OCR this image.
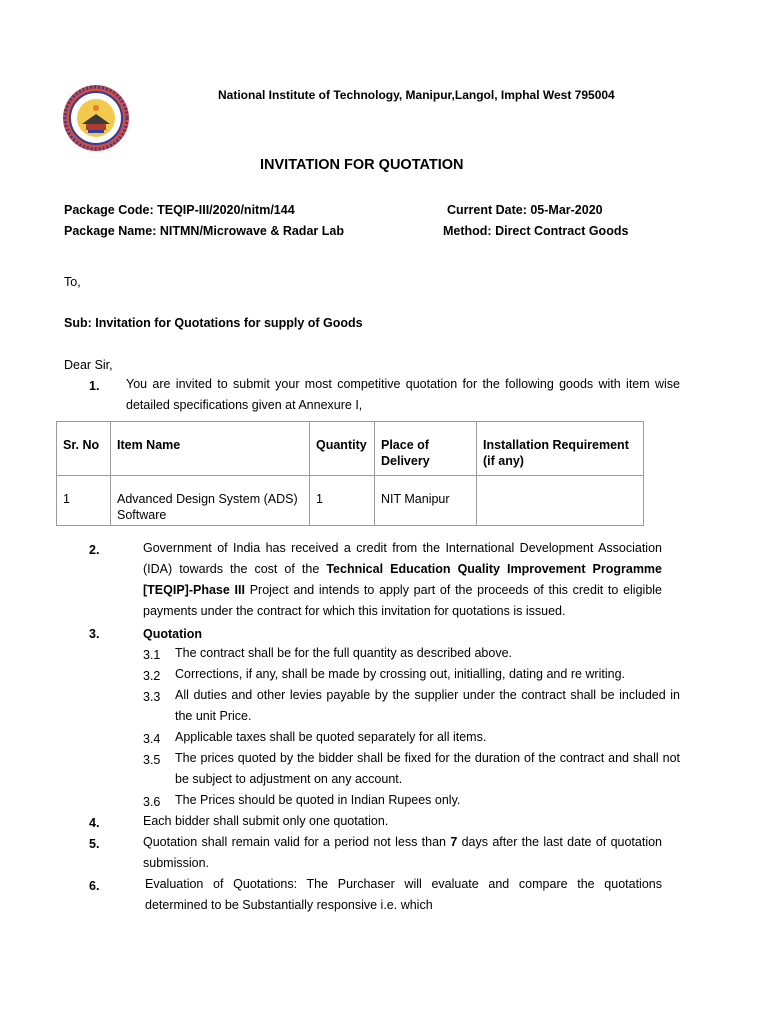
National Institute of Technology, Manipur,Langol, Imphal West 795004
INVITATION FOR QUOTATION
Package Code: TEQIP-III/2020/nitm/144	Current Date: 05-Mar-2020
Package Name: NITMN/Microwave & Radar Lab	Method: Direct Contract Goods
To,
Sub: Invitation for Quotations for supply of Goods
Dear Sir,
1. You are invited to submit your most competitive quotation for the following goods with item wise detailed specifications given at Annexure I,
Sr. No	Item Name	Quantity	Place of Delivery	Installation Requirement (if any)
1	Advanced Design System (ADS) Software	1	NIT Manipur	
2.	Government of India has received a credit from the International Development Association (IDA) towards the cost of the Technical Education Quality Improvement Programme [TEQIP]-Phase III Project and intends to apply part of the proceeds of this credit to eligible payments under the contract for which this invitation for quotations is issued.
3.	Quotation
3.1 The contract shall be for the full quantity as described above.
3.2 Corrections, if any, shall be made by crossing out, initialling, dating and re writing.
3.3 All duties and other levies payable by the supplier under the contract shall be included in the unit Price.
3.4 Applicable taxes shall be quoted separately for all items.
3.5 The prices quoted by the bidder shall be fixed for the duration of the contract and shall not be subject to adjustment on any account.
3.6 The Prices should be quoted in Indian Rupees only.
4.	Each bidder shall submit only one quotation.
5.	Quotation shall remain valid for a period not less than 7 days after the last date of quotation submission.
6.	Evaluation of Quotations: The Purchaser will evaluate and compare the quotations determined to be Substantially responsive i.e. which
